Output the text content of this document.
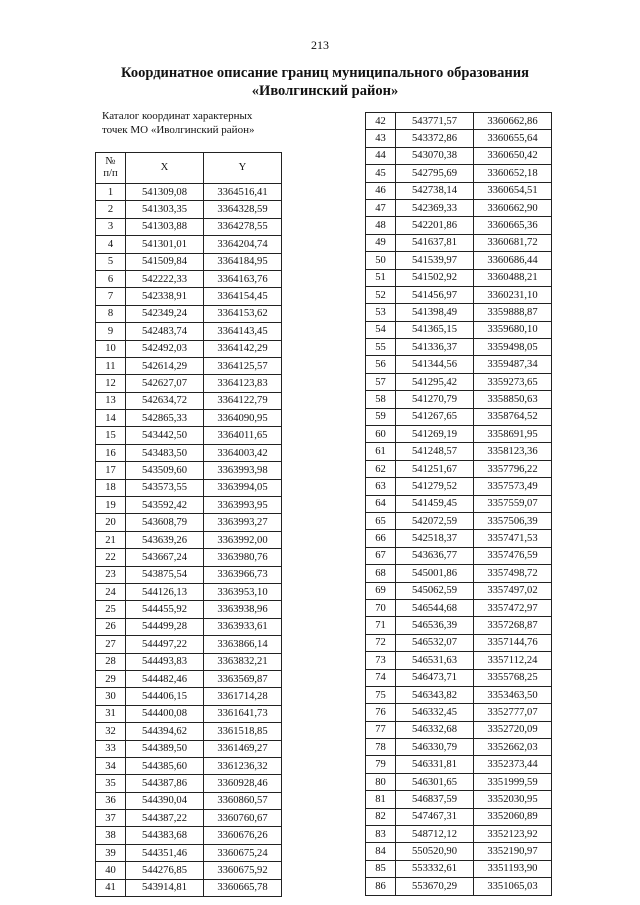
213
Координатное описание границ муниципального образования
«Иволгинский район»
Каталог координат характерных
точек МО «Иволгинский район»
№
п/п	X	Y
1	541309,08	3364516,41
2	541303,35	3364328,59
3	541303,88	3364278,55
4	541301,01	3364204,74
5	541509,84	3364184,95
6	542222,33	3364163,76
7	542338,91	3364154,45
8	542349,24	3364153,62
9	542483,74	3364143,45
10	542492,03	3364142,29
11	542614,29	3364125,57
12	542627,07	3364123,83
13	542634,72	3364122,79
14	542865,33	3364090,95
15	543442,50	3364011,65
16	543483,50	3364003,42
17	543509,60	3363993,98
18	543573,55	3363994,05
19	543592,42	3363993,95
20	543608,79	3363993,27
21	543639,26	3363992,00
22	543667,24	3363980,76
23	543875,54	3363966,73
24	544126,13	3363953,10
25	544455,92	3363938,96
26	544499,28	3363933,61
27	544497,22	3363866,14
28	544493,83	3363832,21
29	544482,46	3363569,87
30	544406,15	3361714,28
31	544400,08	3361641,73
32	544394,62	3361518,85
33	544389,50	3361469,27
34	544385,60	3361236,32
35	544387,86	3360928,46
36	544390,04	3360860,57
37	544387,22	3360760,67
38	544383,68	3360676,26
39	544351,46	3360675,24
40	544276,85	3360675,92
41	543914,81	3360665,78
42	543771,57	3360662,86
43	543372,86	3360655,64
44	543070,38	3360650,42
45	542795,69	3360652,18
46	542738,14	3360654,51
47	542369,33	3360662,90
48	542201,86	3360665,36
49	541637,81	3360681,72
50	541539,97	3360686,44
51	541502,92	3360488,21
52	541456,97	3360231,10
53	541398,49	3359888,87
54	541365,15	3359680,10
55	541336,37	3359498,05
56	541344,56	3359487,34
57	541295,42	3359273,65
58	541270,79	3358850,63
59	541267,65	3358764,52
60	541269,19	3358691,95
61	541248,57	3358123,36
62	541251,67	3357796,22
63	541279,52	3357573,49
64	541459,45	3357559,07
65	542072,59	3357506,39
66	542518,37	3357471,53
67	543636,77	3357476,59
68	545001,86	3357498,72
69	545062,59	3357497,02
70	546544,68	3357472,97
71	546536,39	3357268,87
72	546532,07	3357144,76
73	546531,63	3357112,24
74	546473,71	3355768,25
75	546343,82	3353463,50
76	546332,45	3352777,07
77	546332,68	3352720,09
78	546330,79	3352662,03
79	546331,81	3352373,44
80	546301,65	3351999,59
81	546837,59	3352030,95
82	547467,31	3352060,89
83	548712,12	3352123,92
84	550520,90	3352190,97
85	553332,61	3351193,90
86	553670,29	3351065,03
